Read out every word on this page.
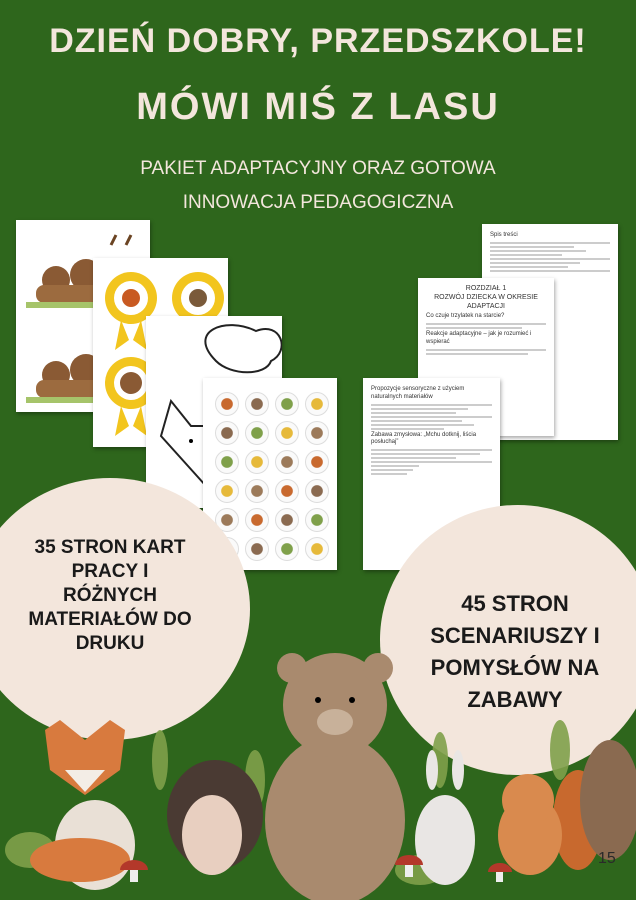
DZIEŃ DOBRY, PRZEDSZKOLE!
MÓWI MIŚ Z LASU
PAKIET ADAPTACYJNY ORAZ GOTOWA
INNOWACJA PEDAGOGICZNA
Spis treści
ROZDZIAŁ 1
ROZWÓJ DZIECKA W OKRESIE ADAPTACJI
Co czuje trzylatek na starcie?
Reakcje adaptacyjne – jak je rozumieć i wspierać
Propozycje sensoryczne z użyciem naturalnych materiałów
Zabawa zmysłowa: „Mchu dotknij, liścia posłuchaj”
35 STRON KART
PRACY I
RÓŻNYCH
MATERIAŁÓW DO
DRUKU
45 STRON
SCENARIUSZY I
POMYSŁÓW NA
ZABAWY
15
